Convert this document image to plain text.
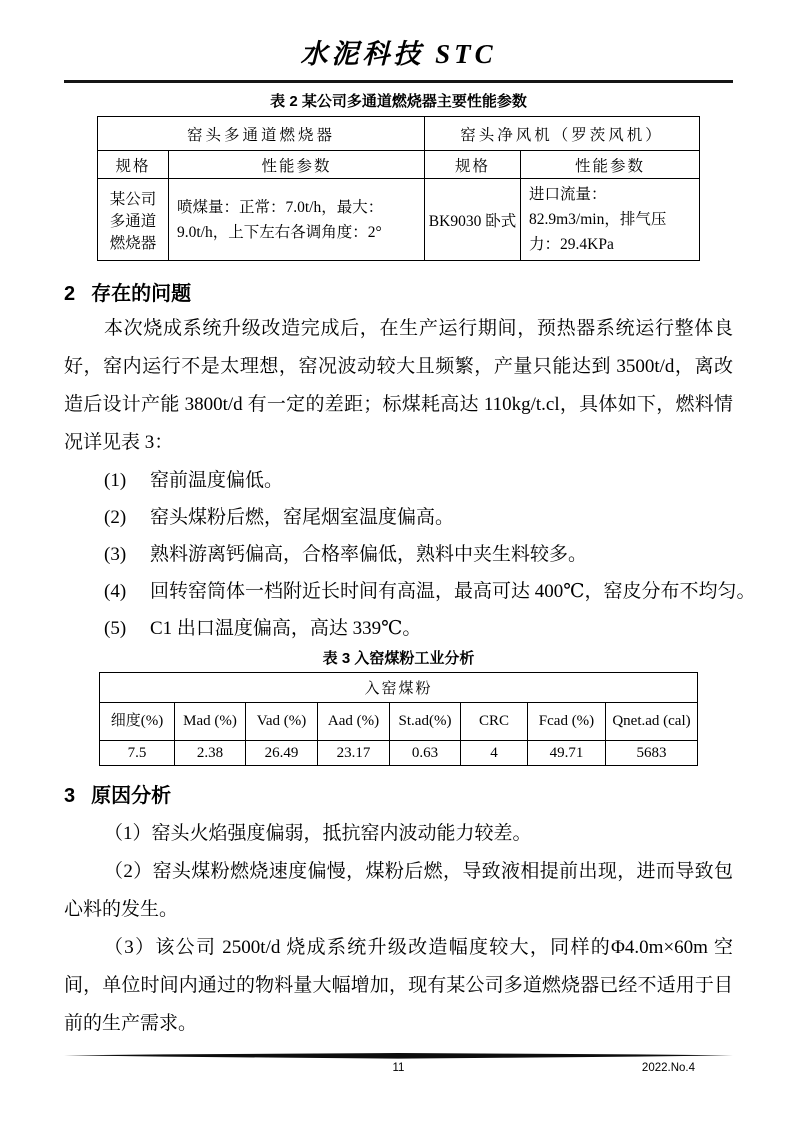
水泥科技 STC
表 2 某公司多通道燃烧器主要性能参数
窑头多通道燃烧器		窑头净风机（罗茨风机）	
规格	性能参数	规格	性能参数
某公司多通道燃烧器	喷煤量：正常：7.0t/h，最大：9.0t/h，上下左右各调角度：2°	BK9030 卧式	进口流量：82.9m3/min，排气压力：29.4KPa
2 存在的问题

本次烧成系统升级改造完成后，在生产运行期间，预热器系统运行整体良好，窑内运行不是太理想，窑况波动较大且频繁，产量只能达到 3500t/d，离改造后设计产能 3800t/d 有一定的差距；标煤耗高达 110kg/t.cl，具体如下，燃料情况详见表 3：

(1) 窑前温度偏低。
(2) 窑头煤粉后燃，窑尾烟室温度偏高。
(3) 熟料游离钙偏高，合格率偏低，熟料中夹生料较多。
(4) 回转窑筒体一档附近长时间有高温，最高可达 400℃，窑皮分布不均匀。
(5) C1 出口温度偏高，高达 339℃。
表 3 入窑煤粉工业分析
入窑煤粉							
细度(%)	Mad (%)	Vad (%)	Aad (%)	St.ad(%)	CRC	Fcad (%)	Qnet.ad (cal)
7.5	2.38	26.49	23.17	0.63	4	49.71	5683
3 原因分析

（1）窑头火焰强度偏弱，抵抗窑内波动能力较差。

（2）窑头煤粉燃烧速度偏慢，煤粉后燃，导致液相提前出现，进而导致包心料的发生。

（3）该公司 2500t/d 烧成系统升级改造幅度较大，同样的Φ4.0m×60m 空间，单位时间内通过的物料量大幅增加，现有某公司多道燃烧器已经不适用于目前的生产需求。

11	2022.No.4
